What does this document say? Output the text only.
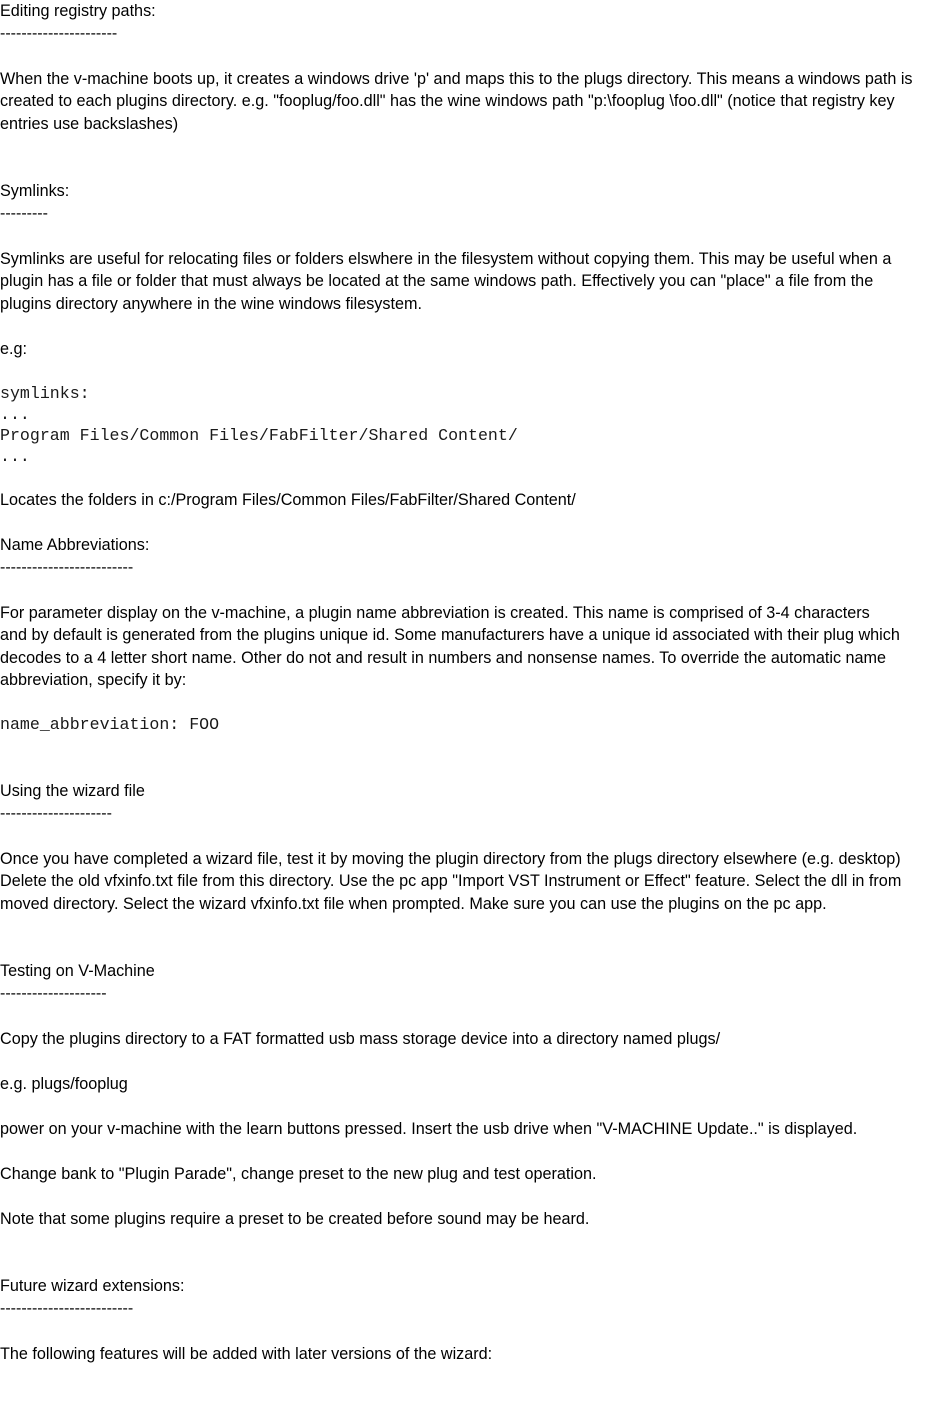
Editing registry paths:

----------------------

When the v-machine boots up, it creates a windows drive 'p' and maps this to the plugs directory. This means a windows path is created to each plugins directory. e.g. "fooplug/foo.dll" has the wine windows path "p:\fooplug \foo.dll" (notice that registry key entries use backslashes)

Symlinks:

---------

Symlinks are useful for relocating files or folders elswhere in the filesystem without copying them. This may be useful when a plugin has a file or folder that must always be located at the same windows path. Effectively you can "place" a file from the plugins directory anywhere in the wine windows filesystem.

e.g:

symlinks:

...

Program Files/Common Files/FabFilter/Shared Content/

...

Locates the folders in c:/Program Files/Common Files/FabFilter/Shared Content/

Name Abbreviations:

-------------------------

For parameter display on the v-machine, a plugin name abbreviation is created. This name is comprised of 3-4 characters and by default is generated from the plugins unique id. Some manufacturers have a unique id associated with their plug which decodes to a 4 letter short name. Other do not and result in numbers and nonsense names. To override the automatic name abbreviation, specify it by:

name_abbreviation: FOO

Using the wizard file

---------------------

Once you have completed a wizard file, test it by moving the plugin directory from the plugs directory elsewhere (e.g. desktop) Delete the old vfxinfo.txt file from this directory. Use the pc app "Import VST Instrument or Effect" feature. Select the dll in from moved directory. Select the wizard vfxinfo.txt file when prompted. Make sure you can use the plugins on the pc app.

Testing on V-Machine

--------------------

Copy the plugins directory to a FAT formatted usb mass storage device into a directory named plugs/

e.g. plugs/fooplug

power on your v-machine with the learn buttons pressed. Insert the usb drive when "V-MACHINE Update.." is displayed.

Change bank to "Plugin Parade", change preset to the new plug and test operation.

Note that some plugins require a preset to be created before sound may be heard.

Future wizard extensions:

-------------------------

The following features will be added with later versions of the wizard:
